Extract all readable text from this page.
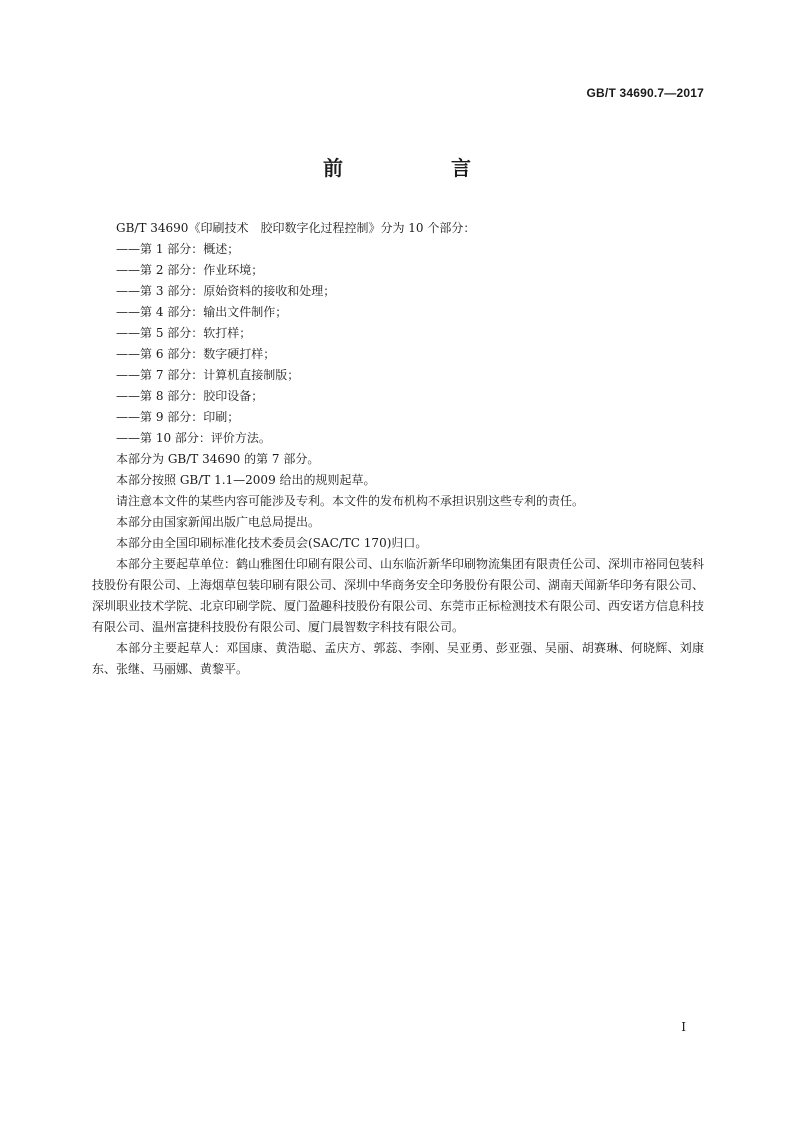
GB/T 34690.7—2017
前　言

GB/T 34690《印刷技术　胶印数字化过程控制》分为 10 个部分：

——第 1 部分：概述；

——第 2 部分：作业环境；

——第 3 部分：原始资料的接收和处理；

——第 4 部分：输出文件制作；

——第 5 部分：软打样；

——第 6 部分：数字硬打样；

——第 7 部分：计算机直接制版；

——第 8 部分：胶印设备；

——第 9 部分：印刷；

——第 10 部分：评价方法。

本部分为 GB/T 34690 的第 7 部分。

本部分按照 GB/T 1.1—2009 给出的规则起草。

请注意本文件的某些内容可能涉及专利。本文件的发布机构不承担识别这些专利的责任。

本部分由国家新闻出版广电总局提出。

本部分由全国印刷标准化技术委员会(SAC/TC 170)归口。

本部分主要起草单位：鹤山雅图仕印刷有限公司、山东临沂新华印刷物流集团有限责任公司、深圳市裕同包装科技股份有限公司、上海烟草包装印刷有限公司、深圳中华商务安全印务股份有限公司、湖南天闻新华印务有限公司、深圳职业技术学院、北京印刷学院、厦门盈趣科技股份有限公司、东莞市正标检测技术有限公司、西安诺方信息科技有限公司、温州富捷科技股份有限公司、厦门晨智数字科技有限公司。

本部分主要起草人：邓国康、黄浩聪、孟庆方、郭蕊、李刚、吴亚勇、彭亚强、吴丽、胡赛琳、何晓辉、刘康东、张继、马丽娜、黄黎平。

I
